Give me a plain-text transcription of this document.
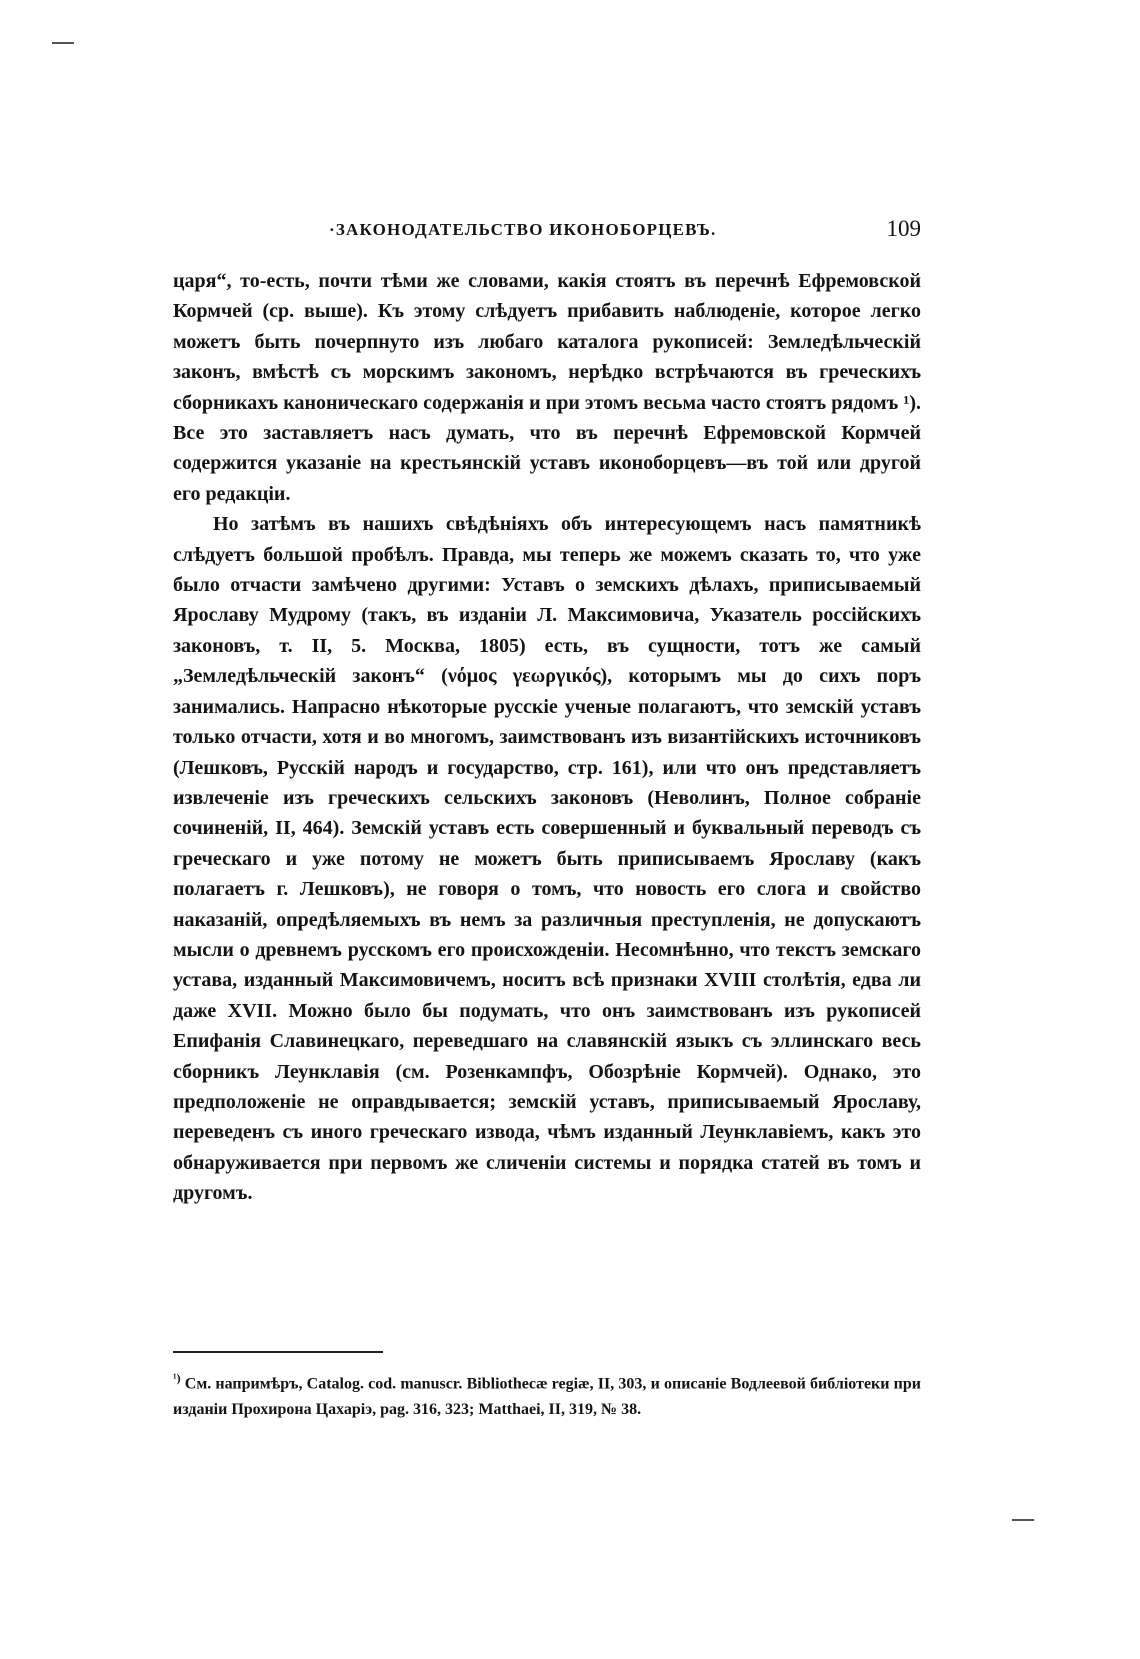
·ЗАКОНОДАТЕЛЬСТВО ИКОНОБОРЦЕВЪ.	109

царя“, то-есть, почти тѣми же словами, какія стоятъ въ перечнѣ Ефремовской Кормчей (ср. выше). Къ этому слѣдуетъ прибавить наблюденіе, которое легко можетъ быть почерпнуто изъ любаго каталога рукописей: Земледѣльческій законъ, вмѣстѣ съ морскимъ закономъ, нерѣдко встрѣчаются въ греческихъ сборникахъ каноническаго содержанія и при этомъ весьма часто стоятъ рядомъ ¹). Все это заставляетъ насъ думать, что въ перечнѣ Ефремовской Кормчей содержится указаніе на крестьянскій уставъ иконоборцевъ—въ той или другой его редакціи.

Но затѣмъ въ нашихъ свѣдѣніяхъ объ интересующемъ насъ памятникѣ слѣдуетъ большой пробѣлъ. Правда, мы теперь же можемъ сказать то, что уже было отчасти замѣчено другими: Уставъ о земскихъ дѣлахъ, приписываемый Ярославу Мудрому (такъ, въ изданіи Л. Максимовича, Указатель россійскихъ законовъ, т. II, 5. Москва, 1805) есть, въ сущности, тотъ же самый „Земледѣльческій законъ“ (νόμος γεωργικός), которымъ мы до сихъ поръ занимались. Напрасно нѣкоторые русскіе ученые полагаютъ, что земскій уставъ только отчасти, хотя и во многомъ, заимствованъ изъ византійскихъ источниковъ (Лешковъ, Русскій народъ и государство, стр. 161), или что онъ представляетъ извлеченіе изъ греческихъ сельскихъ законовъ (Неволинъ, Полное собраніе сочиненій, II, 464). Земскій уставъ есть совершенный и буквальный переводъ съ греческаго и уже потому не можетъ быть приписываемъ Ярославу (какъ полагаетъ г. Лешковъ), не говоря о томъ, что новость его слога и свойство наказаній, опредѣляемыхъ въ немъ за различныя преступленія, не допускаютъ мысли о древнемъ русскомъ его происхожденіи. Несомнѣнно, что текстъ земскаго устава, изданный Максимовичемъ, носитъ всѣ признаки XVIII столѣтія, едва ли даже XVII. Можно было бы подумать, что онъ заимствованъ изъ рукописей Епифанія Славинецкаго, переведшаго на славянскій языкъ съ эллинскаго весь сборникъ Леунклавія (см. Розенкампфъ, Обозрѣніе Кормчей). Однако, это предположеніе не оправдывается; земскій уставъ, приписываемый Ярославу, переведенъ съ иного греческаго извода, чѣмъ изданный Леунклавіемъ, какъ это обнаруживается при первомъ же сличеніи системы и порядка статей въ томъ и другомъ.

$^{^1)}$ См. напримѣръ, Catalog. cod. manuscr. Bibliothecæ regiæ, II, 303, и описаніе Водлеевой библіотеки при изданіи Прохирона Цахаріэ, pag. 316, 323; Matthaei, II, 319, № 38.
